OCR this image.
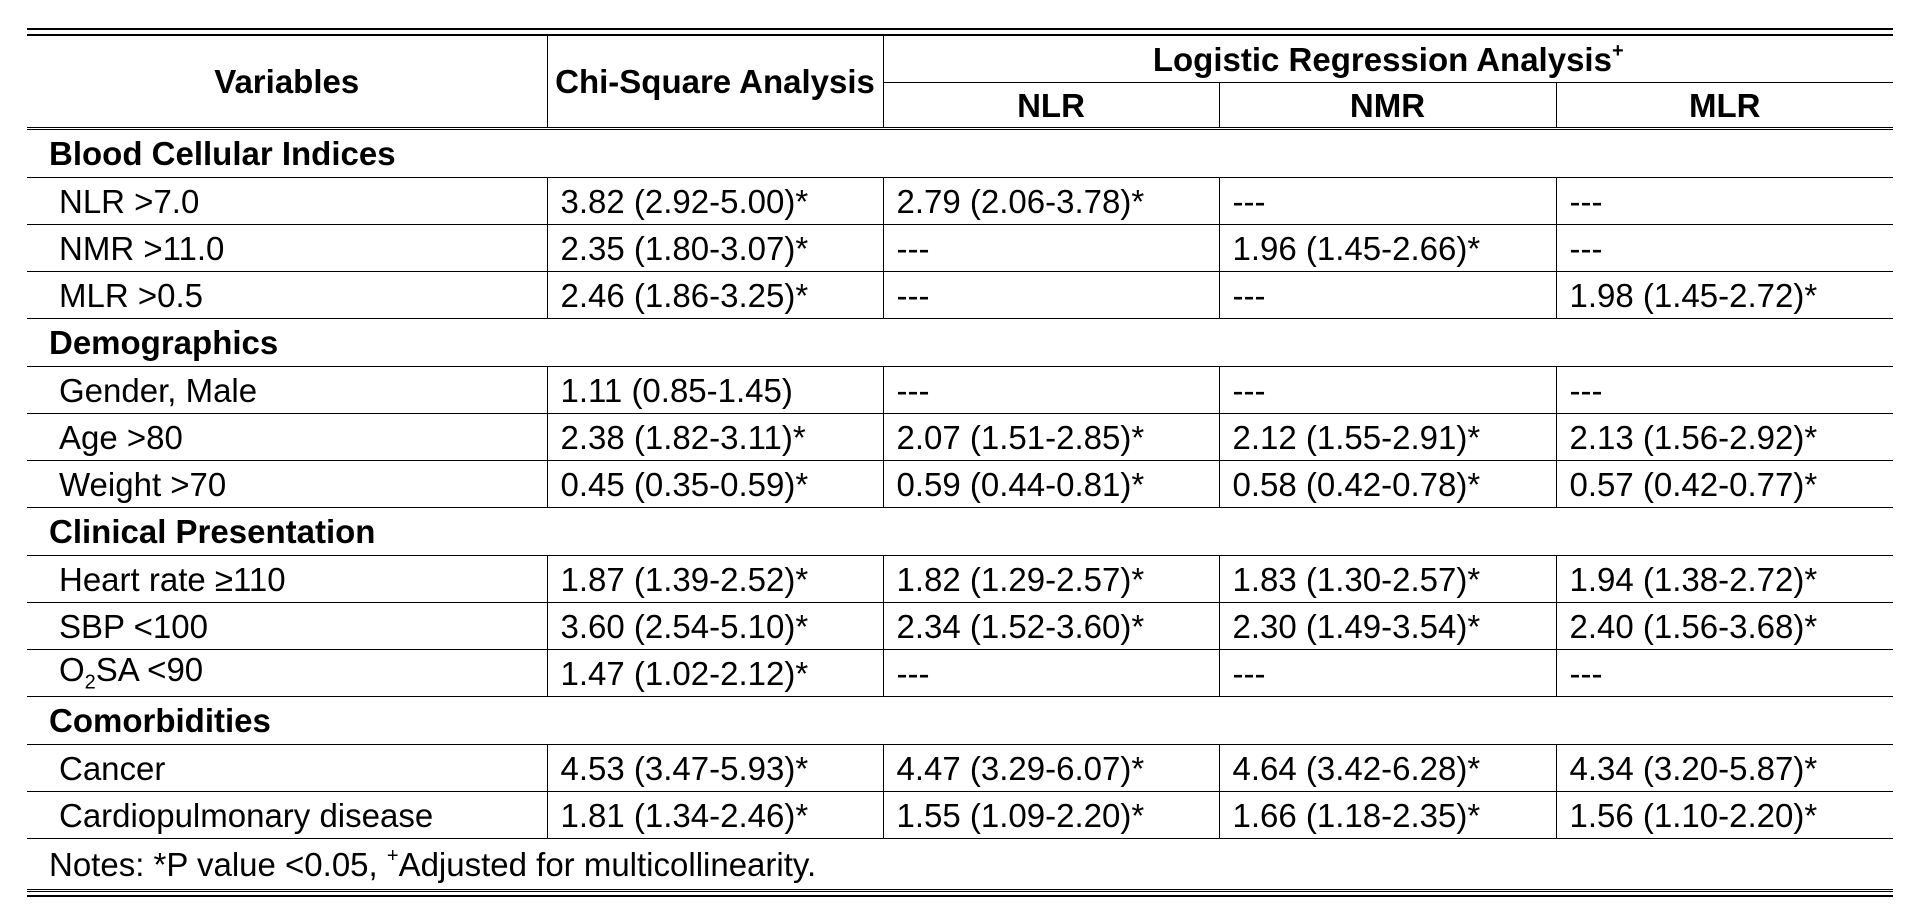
Variables	Chi-Square Analysis	Logistic Regression Analysis+
		NLR	NMR	MLR
Blood Cellular Indices				
NLR >7.0	3.82 (2.92-5.00)*	2.79 (2.06-3.78)*	---	---
NMR >11.0	2.35 (1.80-3.07)*	---	1.96 (1.45-2.66)*	---
MLR >0.5	2.46 (1.86-3.25)*	---	---	1.98 (1.45-2.72)*
Demographics				
Gender, Male	1.11 (0.85-1.45)	---	---	---
Age >80	2.38 (1.82-3.11)*	2.07 (1.51-2.85)*	2.12 (1.55-2.91)*	2.13 (1.56-2.92)*
Weight >70	0.45 (0.35-0.59)*	0.59 (0.44-0.81)*	0.58 (0.42-0.78)*	0.57 (0.42-0.77)*
Clinical Presentation				
Heart rate ≥110	1.87 (1.39-2.52)*	1.82 (1.29-2.57)*	1.83 (1.30-2.57)*	1.94 (1.38-2.72)*
SBP <100	3.60 (2.54-5.10)*	2.34 (1.52-3.60)*	2.30 (1.49-3.54)*	2.40 (1.56-3.68)*
$O_2SA <90$	1.47 (1.02-2.12)*	---	---	---
Comorbidities				
Cancer	4.53 (3.47-5.93)*	4.47 (3.29-6.07)*	4.64 (3.42-6.28)*	4.34 (3.20-5.87)*
Cardiopulmonary disease	1.81 (1.34-2.46)*	1.55 (1.09-2.20)*	1.66 (1.18-2.35)*	1.56 (1.10-2.20)*
Notes: *P value <0.05, +Adjusted for multicollinearity.				
